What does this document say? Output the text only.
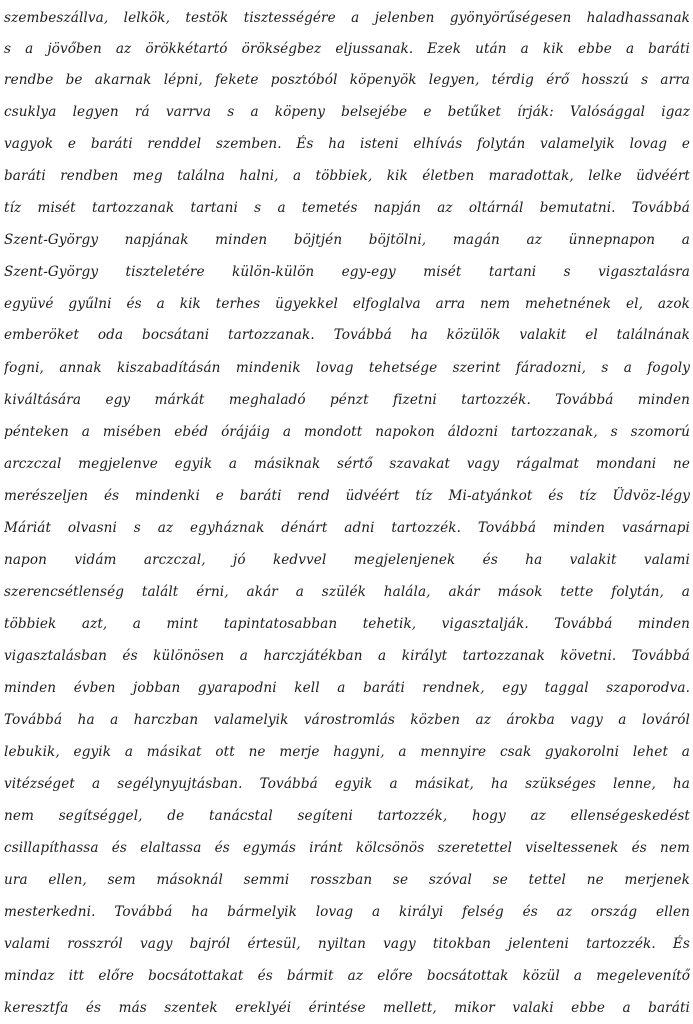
szembeszállva, lelkök, testök tisztességére a jelenben gyönyörűségesen haladhassanak
s a jövőben az örökkétartó örökségbez eljussanak. Ezek után a kik ebbe a baráti
rendbe be akarnak lépni, fekete posztóból köpenyök legyen, térdig érő hosszú s arra
csuklya legyen rá varrva s a köpeny belsejébe e betűket írják: Valósággal igaz
vagyok e baráti renddel szemben. És ha isteni elhívás folytán valamelyik lovag e
baráti rendben meg találna halni, a többiek, kik életben maradottak, lelke üdvéért
tíz misét tartozzanak tartani s a temetés napján az oltárnál bemutatni. Továbbá
Szent-György napjának minden böjtjén böjtölni, magán az ünnepnapon a
Szent-György tiszteletére külön-külön egy-egy misét tartani s vigasztalásra
együvé gyűlni és a kik terhes ügyekkel elfoglalva arra nem mehetnének el, azok
emberöket oda bocsátani tartozzanak. Továbbá ha közülök valakit el találnának
fogni, annak kiszabadításán mindenik lovag tehetsége szerint fáradozni, s a fogoly
kiváltására egy márkát meghaladó pénzt fizetni tartozzék. Továbbá minden
pénteken a misében ebéd órájáig a mondott napokon áldozni tartozzanak, s szomorú
arczczal megjelenve egyik a másiknak sértő szavakat vagy rágalmat mondani ne
merészeljen és mindenki e baráti rend üdvéért tíz Mi-atyánkot és tíz Üdvöz-légy
Máriát olvasni s az egyháznak dénárt adni tartozzék. Továbbá minden vasárnapi
napon vidám arczczal, jó kedvvel megjelenjenek és ha valakit valami
szerencsétlenség talált érni, akár a szülék halála, akár mások tette folytán, a
többiek azt, a mint tapintatosabban tehetik, vigasztalják. Továbbá minden
vigasztalásban és különösen a harczjátékban a királyt tartozzanak követni. Továbbá
minden évben jobban gyarapodni kell a baráti rendnek, egy taggal szaporodva.
Továbbá ha a harczban valamelyik várostromlás közben az árokba vagy a lováról
lebukik, egyik a másikat ott ne merje hagyni, a mennyire csak gyakorolni lehet a
vitézséget a segélynyujtásban. Továbbá egyik a másikat, ha szükséges lenne, ha
nem segítséggel, de tanácstal segíteni tartozzék, hogy az ellenségeskedést
csillapíthassa és elaltassa és egymás iránt kölcsönös szeretettel viseltessenek és nem
ura ellen, sem másoknál semmi rosszban se szóval se tettel ne merjenek
mesterkedni. Továbbá ha bármelyik lovag a királyi felség és az ország ellen
valami rosszról vagy bajról értesül, nyiltan vagy titokban jelenteni tartozzék. És
mindaz itt előre bocsátottakat és bármit az előre bocsátottak közül a megelevenítő
keresztfa és más szentek ereklyéi érintése mellett, mikor valaki ebbe a baráti
